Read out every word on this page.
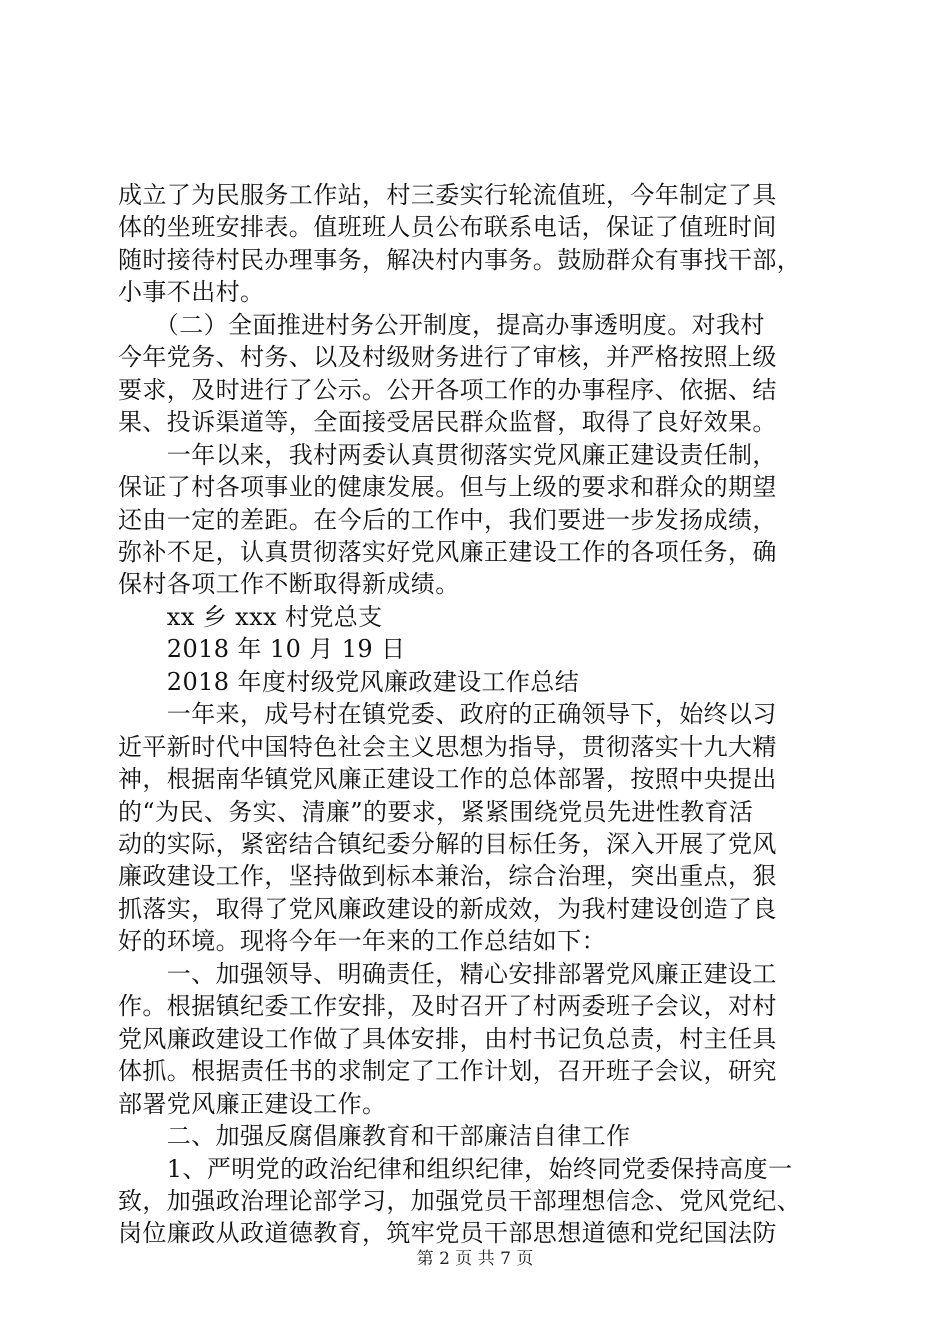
成立了为民服务工作站，村三委实行轮流值班，今年制定了具
体的坐班安排表。值班班人员公布联系电话，保证了值班时间
随时接待村民办理事务，解决村内事务。鼓励群众有事找干部，
小事不出村。
　　（二）全面推进村务公开制度，提高办事透明度。对我村
今年党务、村务、以及村级财务进行了审核，并严格按照上级
要求，及时进行了公示。公开各项工作的办事程序、依据、结
果、投诉渠道等，全面接受居民群众监督，取得了良好效果。
　　一年以来，我村两委认真贯彻落实党风廉正建设责任制，
保证了村各项事业的健康发展。但与上级的要求和群众的期望
还由一定的差距。在今后的工作中，我们要进一步发扬成绩，
弥补不足，认真贯彻落实好党风廉正建设工作的各项任务，确
保村各项工作不断取得新成绩。
　　xx 乡 xxx 村党总支
　　2018 年 10 月 19 日
　　2018 年度村级党风廉政建设工作总结
　　一年来，成号村在镇党委、政府的正确领导下，始终以习
近平新时代中国特色社会主义思想为指导，贯彻落实十九大精
神，根据南华镇党风廉正建设工作的总体部署，按照中央提出
的“为民、务实、清廉”的要求，紧紧围绕党员先进性教育活
动的实际，紧密结合镇纪委分解的目标任务，深入开展了党风
廉政建设工作，坚持做到标本兼治，综合治理，突出重点，狠
抓落实，取得了党风廉政建设的新成效，为我村建设创造了良
好的环境。现将今年一年来的工作总结如下：
　　一、加强领导、明确责任，精心安排部署党风廉正建设工
作。根据镇纪委工作安排，及时召开了村两委班子会议，对村
党风廉政建设工作做了具体安排，由村书记负总责，村主任具
体抓。根据责任书的求制定了工作计划，召开班子会议，研究
部署党风廉正建设工作。
　　二、加强反腐倡廉教育和干部廉洁自律工作
　　1、严明党的政治纪律和组织纪律，始终同党委保持高度一
致，加强政治理论部学习，加强党员干部理想信念、党风党纪、
岗位廉政从政道德教育，筑牢党员干部思想道德和党纪国法防
第 2 页 共 7 页
